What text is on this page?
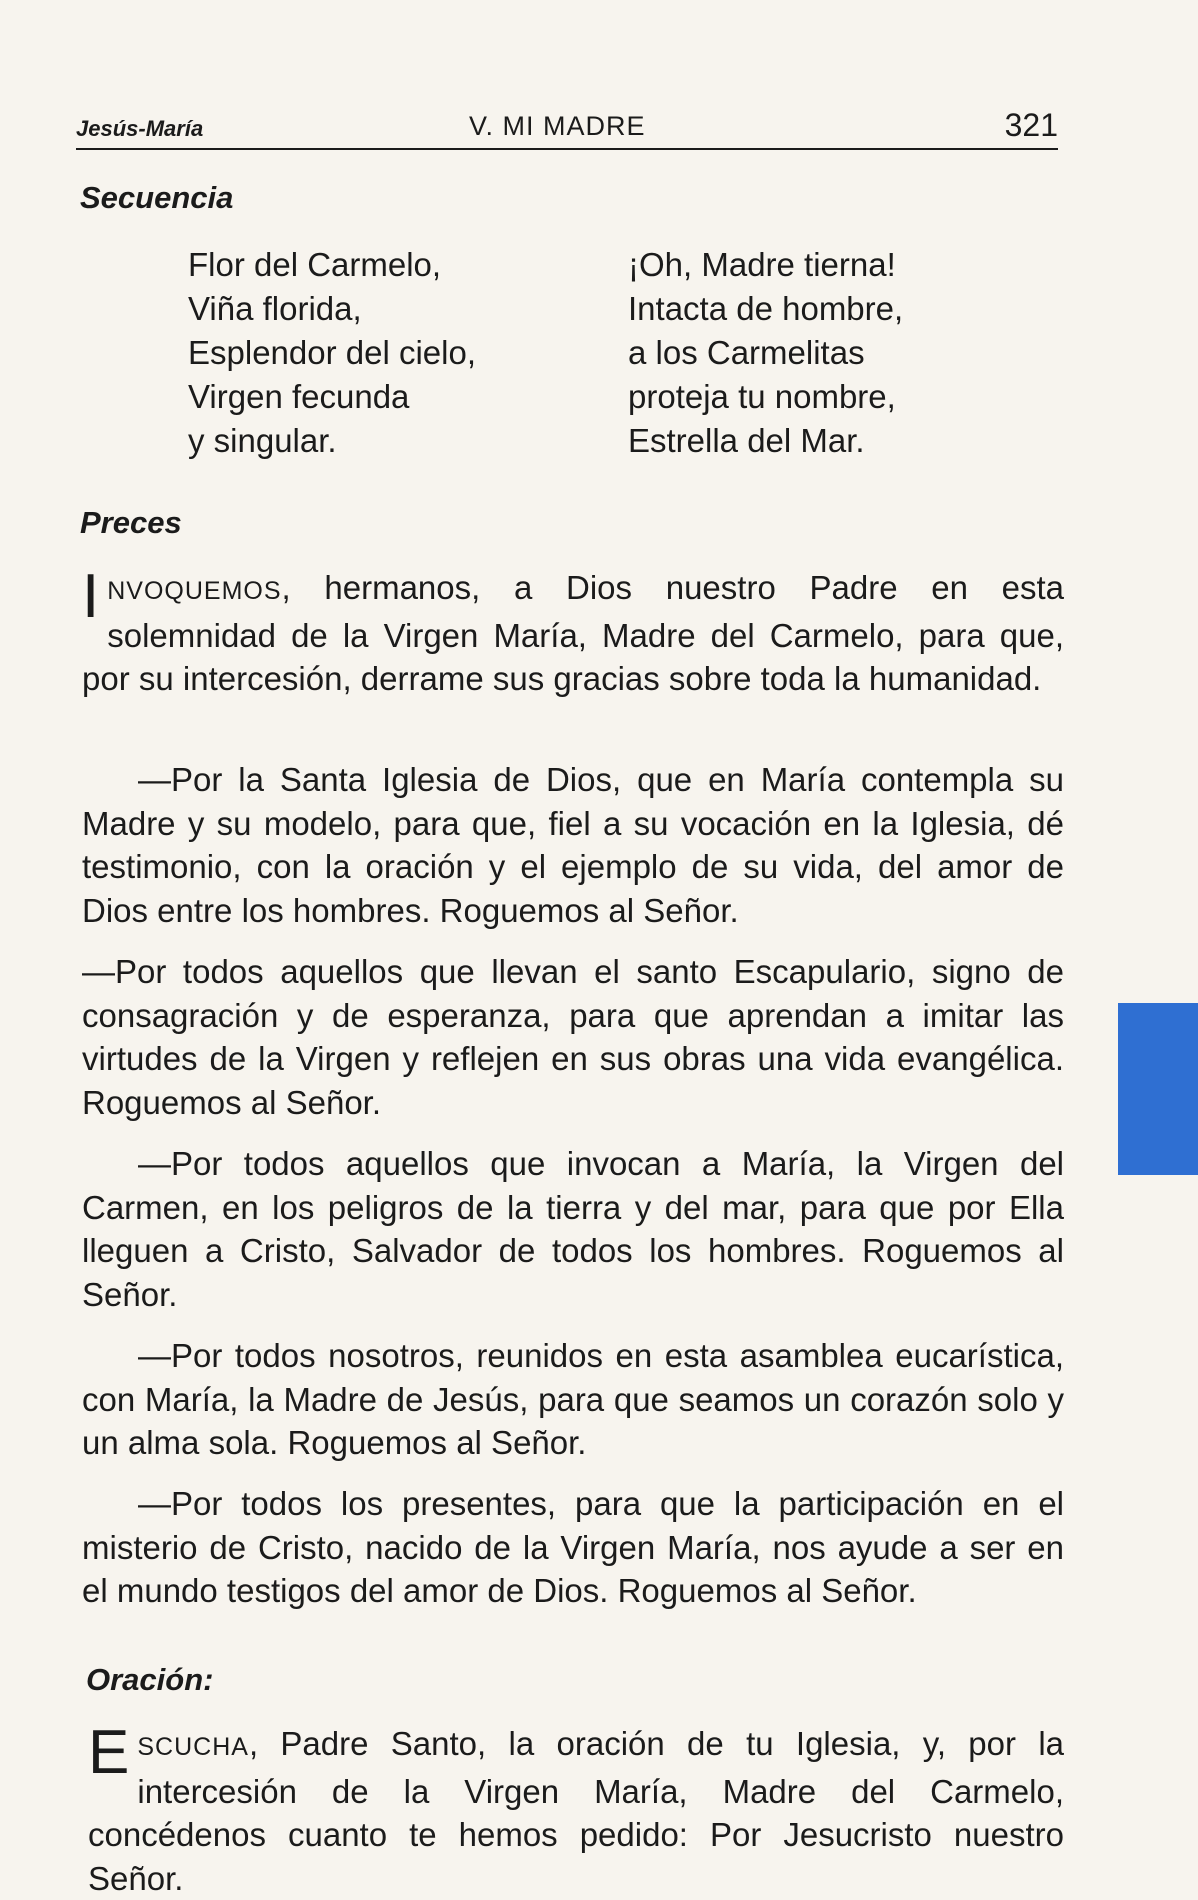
Jesús-María	V. MI MADRE	321
Secuencia
Flor del Carmelo,
Viña florida,
Esplendor del cielo,
Virgen fecunda
y singular.
¡Oh, Madre tierna!
Intacta de hombre,
a los Carmelitas
proteja tu nombre,
Estrella del Mar.
Preces

INVOQUEMOS, hermanos, a Dios nuestro Padre en esta solemnidad de la Virgen María, Madre del Carmelo, para que, por su intercesión, derrame sus gracias sobre toda la humanidad.

—Por la Santa Iglesia de Dios, que en María contempla su Madre y su modelo, para que, fiel a su vocación en la Iglesia, dé testimonio, con la oración y el ejemplo de su vida, del amor de Dios entre los hombres. Roguemos al Señor.

—Por todos aquellos que llevan el santo Escapulario, signo de consagración y de esperanza, para que aprendan a imitar las virtudes de la Virgen y reflejen en sus obras una vida evangélica. Roguemos al Señor.

—Por todos aquellos que invocan a María, la Virgen del Carmen, en los peligros de la tierra y del mar, para que por Ella lleguen a Cristo, Salvador de todos los hombres. Roguemos al Señor.

—Por todos nosotros, reunidos en esta asamblea eucarística, con María, la Madre de Jesús, para que seamos un corazón solo y un alma sola. Roguemos al Señor.

—Por todos los presentes, para que la participación en el misterio de Cristo, nacido de la Virgen María, nos ayude a ser en el mundo testigos del amor de Dios. Roguemos al Señor.

Oración:

ESCUCHA, Padre Santo, la oración de tu Iglesia, y, por la intercesión de la Virgen María, Madre del Carmelo, concédenos cuanto te hemos pedido: Por Jesucristo nuestro Señor.
